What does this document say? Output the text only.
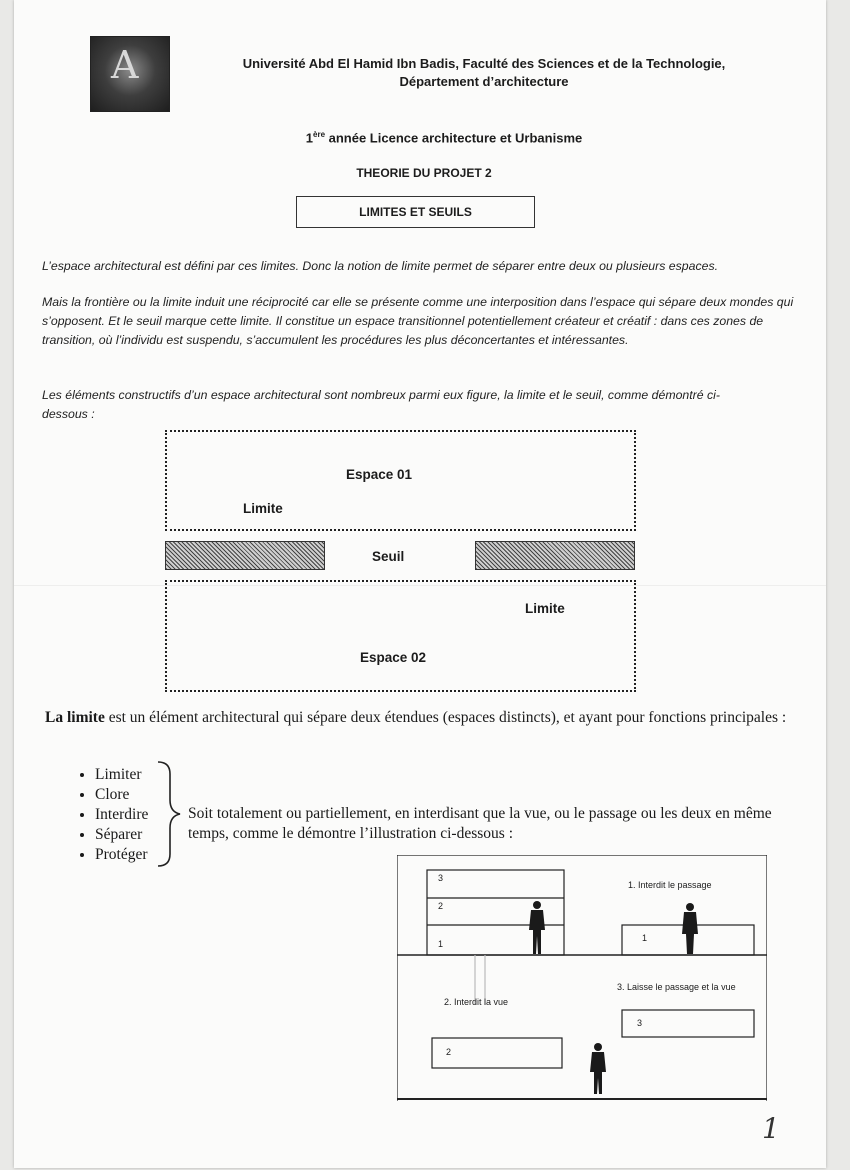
A	Université Abd El Hamid Ibn Badis, Faculté des Sciences et de la Technologie,
Département d’architecture
1ère année Licence architecture et Urbanisme
THEORIE DU PROJET 2
LIMITES ET SEUILS
L’espace architectural est défini par ces limites. Donc la notion de limite permet de séparer entre deux ou plusieurs espaces.
Mais la frontière ou la limite induit une réciprocité car elle se présente comme une interposition dans l’espace qui sépare deux mondes qui s’opposent. Et le seuil marque cette limite. Il constitue un espace transitionnel potentiellement créateur et créatif : dans ces zones de transition, où l’individu est suspendu, s’accumulent les procédures les plus déconcertantes et intéressantes.
Les éléments constructifs d’un espace architectural sont nombreux parmi eux figure, la limite et le seuil, comme démontré ci-dessous :
Espace 01
Limite
Seuil
Limite
Espace 02
La limite est un élément architectural qui sépare deux étendues (espaces distincts), et ayant pour fonctions principales :
• Limiter
• Clore
• Interdire
• Séparer
• Protéger
Soit totalement ou partiellement, en interdisant que la vue, ou le passage ou les deux en même temps, comme le démontre l’illustration ci-dessous :
3
2
1
1. Interdit le passage
1
2. Interdit la vue
3. Laisse le passage et la vue
3
2
1
